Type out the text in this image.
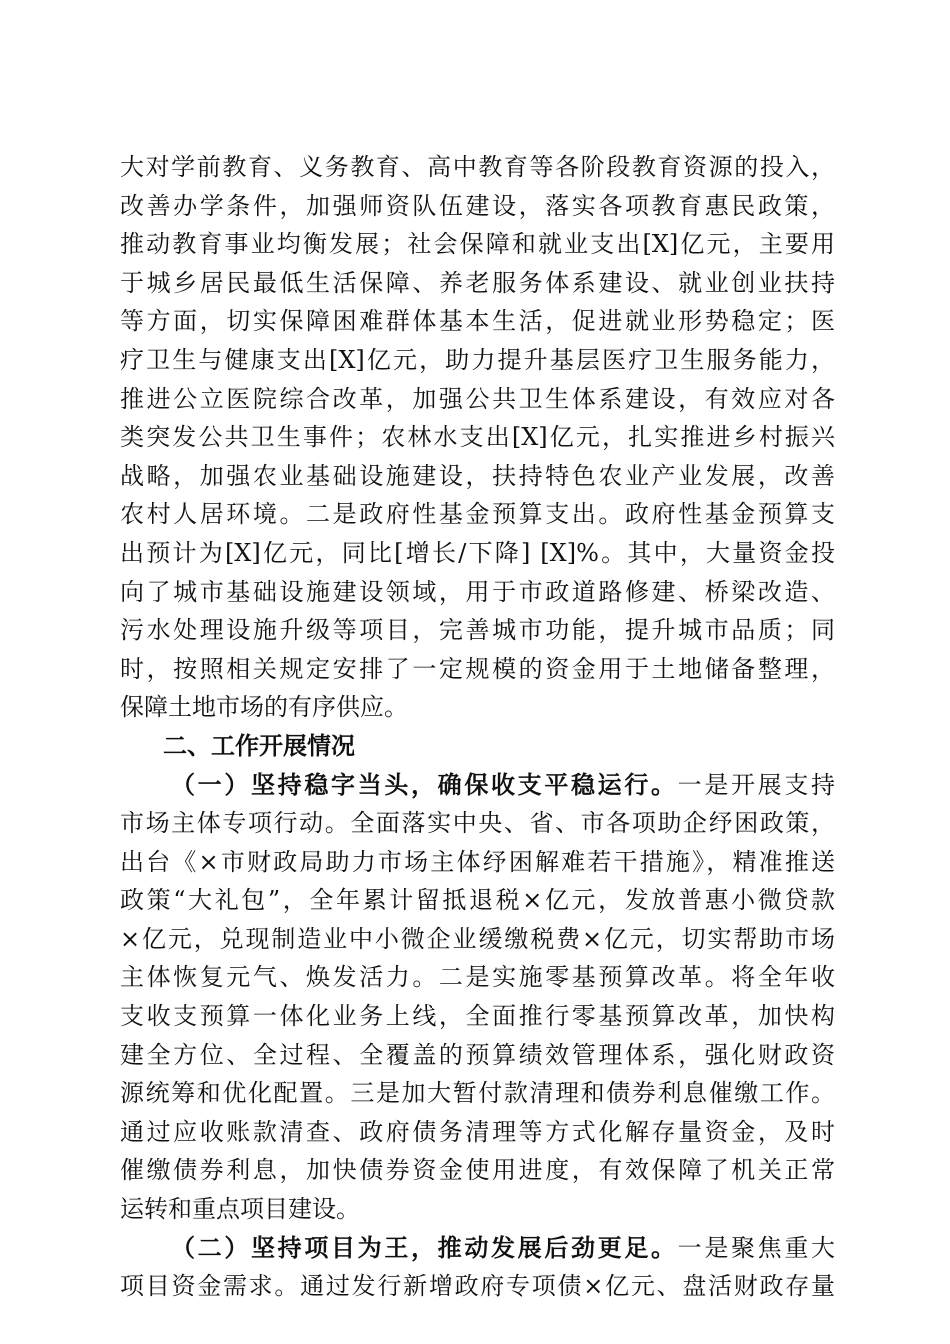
大对学前教育、义务教育、高中教育等各阶段教育资源的投入，
改善办学条件，加强师资队伍建设，落实各项教育惠民政策，
推动教育事业均衡发展；社会保障和就业支出[X]亿元，主要用
于城乡居民最低生活保障、养老服务体系建设、就业创业扶持
等方面，切实保障困难群体基本生活，促进就业形势稳定；医
疗卫生与健康支出[X]亿元，助力提升基层医疗卫生服务能力，
推进公立医院综合改革，加强公共卫生体系建设，有效应对各
类突发公共卫生事件；农林水支出[X]亿元，扎实推进乡村振兴
战略，加强农业基础设施建设，扶持特色农业产业发展，改善
农村人居环境。二是政府性基金预算支出。政府性基金预算支
出预计为[X]亿元，同比[增长/下降] [X]%。其中，大量资金投
向了城市基础设施建设领域，用于市政道路修建、桥梁改造、
污水处理设施升级等项目，完善城市功能，提升城市品质；同
时，按照相关规定安排了一定规模的资金用于土地储备整理，
保障土地市场的有序供应。
二、工作开展情况
（一）坚持稳字当头，确保收支平稳运行。一是开展支持
市场主体专项行动。全面落实中央、省、市各项助企纾困政策，
出台《×市财政局助力市场主体纾困解难若干措施》，精准推送
政策“大礼包”，全年累计留抵退税×亿元，发放普惠小微贷款
×亿元，兑现制造业中小微企业缓缴税费×亿元，切实帮助市场
主体恢复元气、焕发活力。二是实施零基预算改革。将全年收
支收支预算一体化业务上线，全面推行零基预算改革，加快构
建全方位、全过程、全覆盖的预算绩效管理体系，强化财政资
源统筹和优化配置。三是加大暂付款清理和债券利息催缴工作。
通过应收账款清查、政府债务清理等方式化解存量资金，及时
催缴债券利息，加快债券资金使用进度，有效保障了机关正常
运转和重点项目建设。
（二）坚持项目为王，推动发展后劲更足。一是聚焦重大
项目资金需求。通过发行新增政府专项债×亿元、盘活财政存量
